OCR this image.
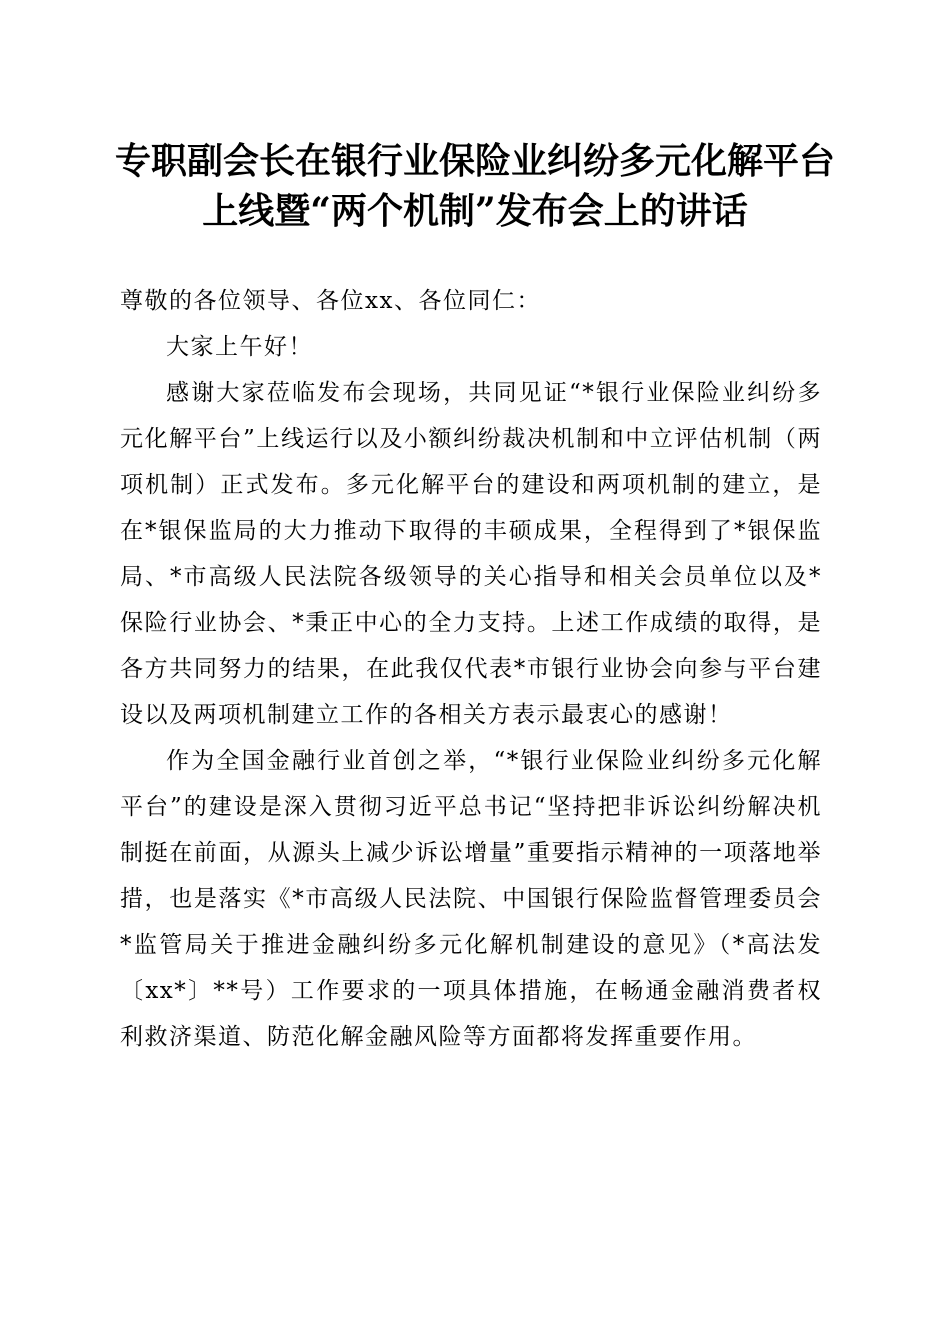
专职副会长在银行业保险业纠纷多元化解平台
上线暨“两个机制”发布会上的讲话

尊敬的各位领导、各位xx、各位同仁：

大家上午好！

感谢大家莅临发布会现场，共同见证“*银行业保险业纠纷多元化解平台”上线运行以及小额纠纷裁决机制和中立评估机制（两项机制）正式发布。多元化解平台的建设和两项机制的建立，是在*银保监局的大力推动下取得的丰硕成果，全程得到了*银保监局、*市高级人民法院各级领导的关心指导和相关会员单位以及*保险行业协会、*秉正中心的全力支持。上述工作成绩的取得，是各方共同努力的结果，在此我仅代表*市银行业协会向参与平台建设以及两项机制建立工作的各相关方表示最衷心的感谢！

作为全国金融行业首创之举，“*银行业保险业纠纷多元化解平台”的建设是深入贯彻习近平总书记“坚持把非诉讼纠纷解决机制挺在前面，从源头上减少诉讼增量”重要指示精神的一项落地举措，也是落实《*市高级人民法院、中国银行保险监督管理委员会*监管局关于推进金融纠纷多元化解机制建设的意见》（*高法发〔xx*〕**号）工作要求的一项具体措施，在畅通金融消费者权利救济渠道、防范化解金融风险等方面都将发挥重要作用。
